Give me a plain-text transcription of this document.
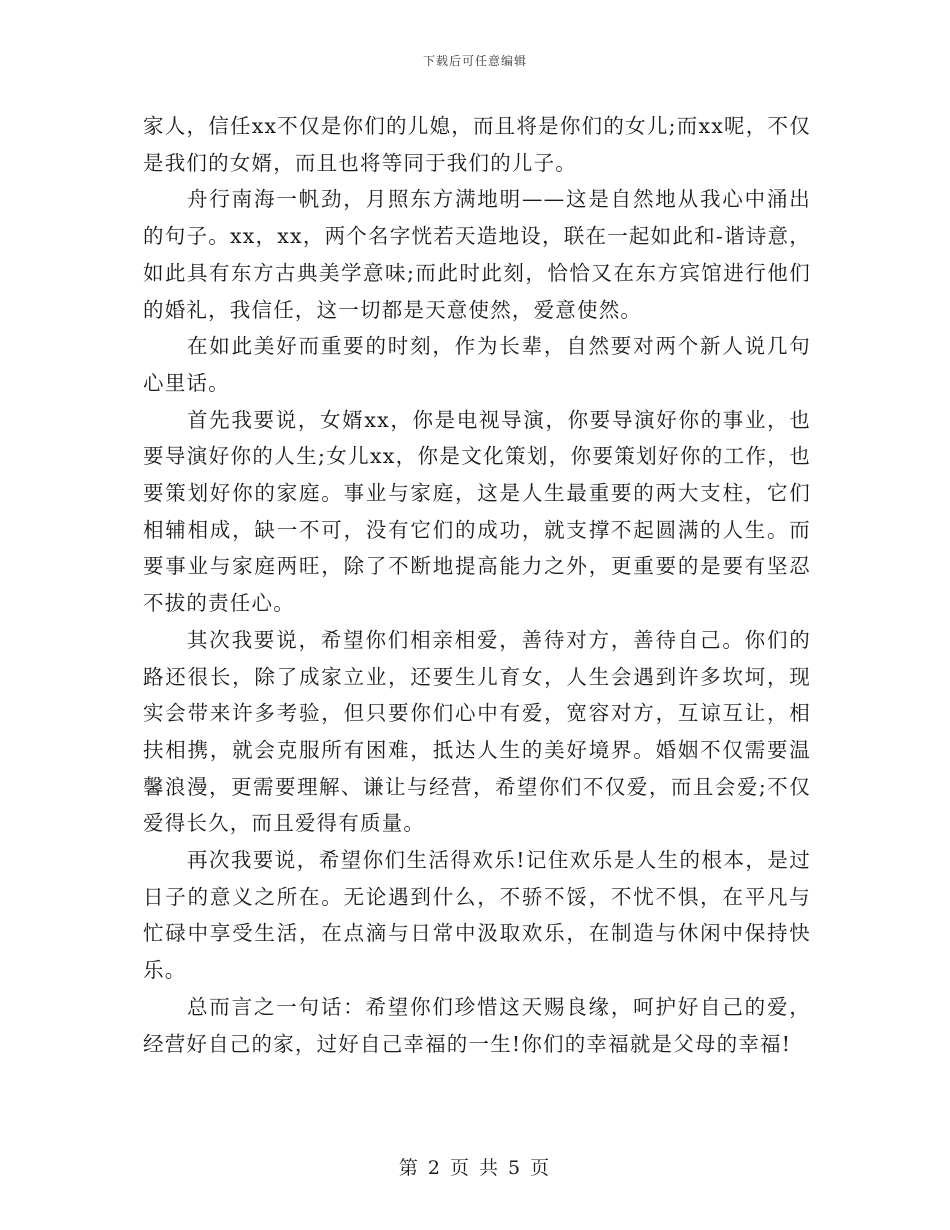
下载后可任意编辑

家人，信任xx不仅是你们的儿媳，而且将是你们的女儿;而xx呢，不仅是我们的女婿，而且也将等同于我们的儿子。

舟行南海一帆劲，月照东方满地明——这是自然地从我心中涌出的句子。xx，xx，两个名字恍若天造地设，联在一起如此和-谐诗意，如此具有东方古典美学意味;而此时此刻，恰恰又在东方宾馆进行他们的婚礼，我信任，这一切都是天意使然，爱意使然。

在如此美好而重要的时刻，作为长辈，自然要对两个新人说几句心里话。

首先我要说，女婿xx，你是电视导演，你要导演好你的事业，也要导演好你的人生;女儿xx，你是文化策划，你要策划好你的工作，也要策划好你的家庭。事业与家庭，这是人生最重要的两大支柱，它们相辅相成，缺一不可，没有它们的成功，就支撑不起圆满的人生。而要事业与家庭两旺，除了不断地提高能力之外，更重要的是要有坚忍不拔的责任心。

其次我要说，希望你们相亲相爱，善待对方，善待自己。你们的路还很长，除了成家立业，还要生儿育女，人生会遇到许多坎坷，现实会带来许多考验，但只要你们心中有爱，宽容对方，互谅互让，相扶相携，就会克服所有困难，抵达人生的美好境界。婚姻不仅需要温馨浪漫，更需要理解、谦让与经营，希望你们不仅爱，而且会爱;不仅爱得长久，而且爱得有质量。

再次我要说，希望你们生活得欢乐!记住欢乐是人生的根本，是过日子的意义之所在。无论遇到什么，不骄不馁，不忧不惧，在平凡与忙碌中享受生活，在点滴与日常中汲取欢乐，在制造与休闲中保持快乐。

总而言之一句话：希望你们珍惜这天赐良缘，呵护好自己的爱，经营好自己的家，过好自己幸福的一生!你们的幸福就是父母的幸福!

第 2 页 共 5 页
